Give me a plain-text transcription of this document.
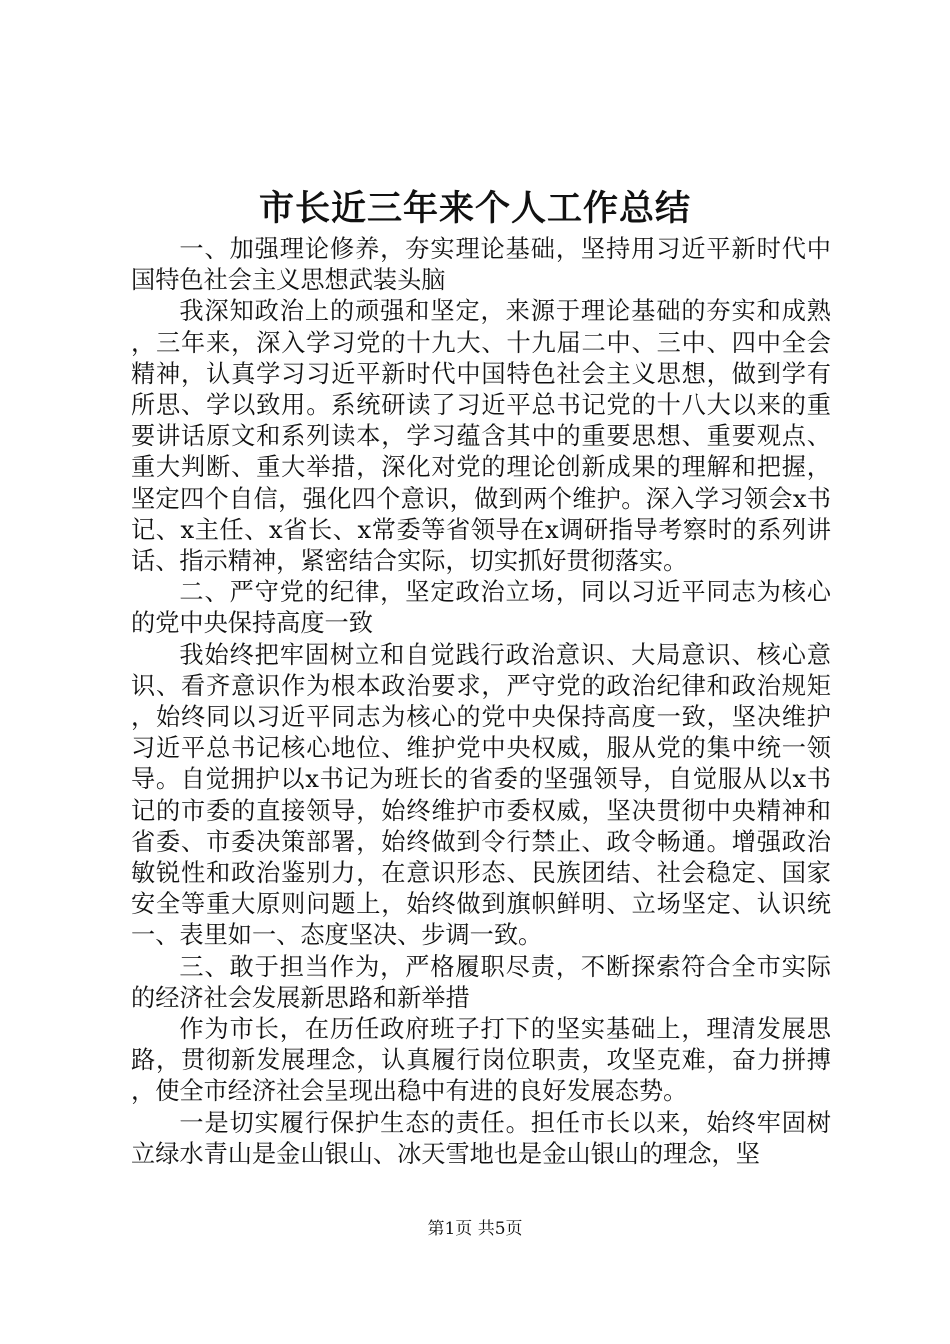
市长近三年来个人工作总结

一、加强理论修养，夯实理论基础，坚持用习近平新时代中国特色社会主义思想武装头脑

我深知政治上的顽强和坚定，来源于理论基础的夯实和成熟，三年来，深入学习党的十九大、十九届二中、三中、四中全会精神，认真学习习近平新时代中国特色社会主义思想，做到学有所思、学以致用。系统研读了习近平总书记党的十八大以来的重要讲话原文和系列读本，学习蕴含其中的重要思想、重要观点、重大判断、重大举措，深化对党的理论创新成果的理解和把握，坚定四个自信，强化四个意识，做到两个维护。深入学习领会x书记、x主任、x省长、x常委等省领导在x调研指导考察时的系列讲话、指示精神，紧密结合实际，切实抓好贯彻落实。

二、严守党的纪律，坚定政治立场，同以习近平同志为核心的党中央保持高度一致

我始终把牢固树立和自觉践行政治意识、大局意识、核心意识、看齐意识作为根本政治要求，严守党的政治纪律和政治规矩，始终同以习近平同志为核心的党中央保持高度一致，坚决维护习近平总书记核心地位、维护党中央权威，服从党的集中统一领导。自觉拥护以x书记为班长的省委的坚强领导，自觉服从以x书记的市委的直接领导，始终维护市委权威，坚决贯彻中央精神和省委、市委决策部署，始终做到令行禁止、政令畅通。增强政治敏锐性和政治鉴别力，在意识形态、民族团结、社会稳定、国家安全等重大原则问题上，始终做到旗帜鲜明、立场坚定、认识统一、表里如一、态度坚决、步调一致。

三、敢于担当作为，严格履职尽责，不断探索符合全市实际的经济社会发展新思路和新举措

作为市长，在历任政府班子打下的坚实基础上，理清发展思路，贯彻新发展理念，认真履行岗位职责，攻坚克难，奋力拼搏，使全市经济社会呈现出稳中有进的良好发展态势。

一是切实履行保护生态的责任。担任市长以来，始终牢固树立绿水青山是金山银山、冰天雪地也是金山银山的理念，坚

第1页 共5页
